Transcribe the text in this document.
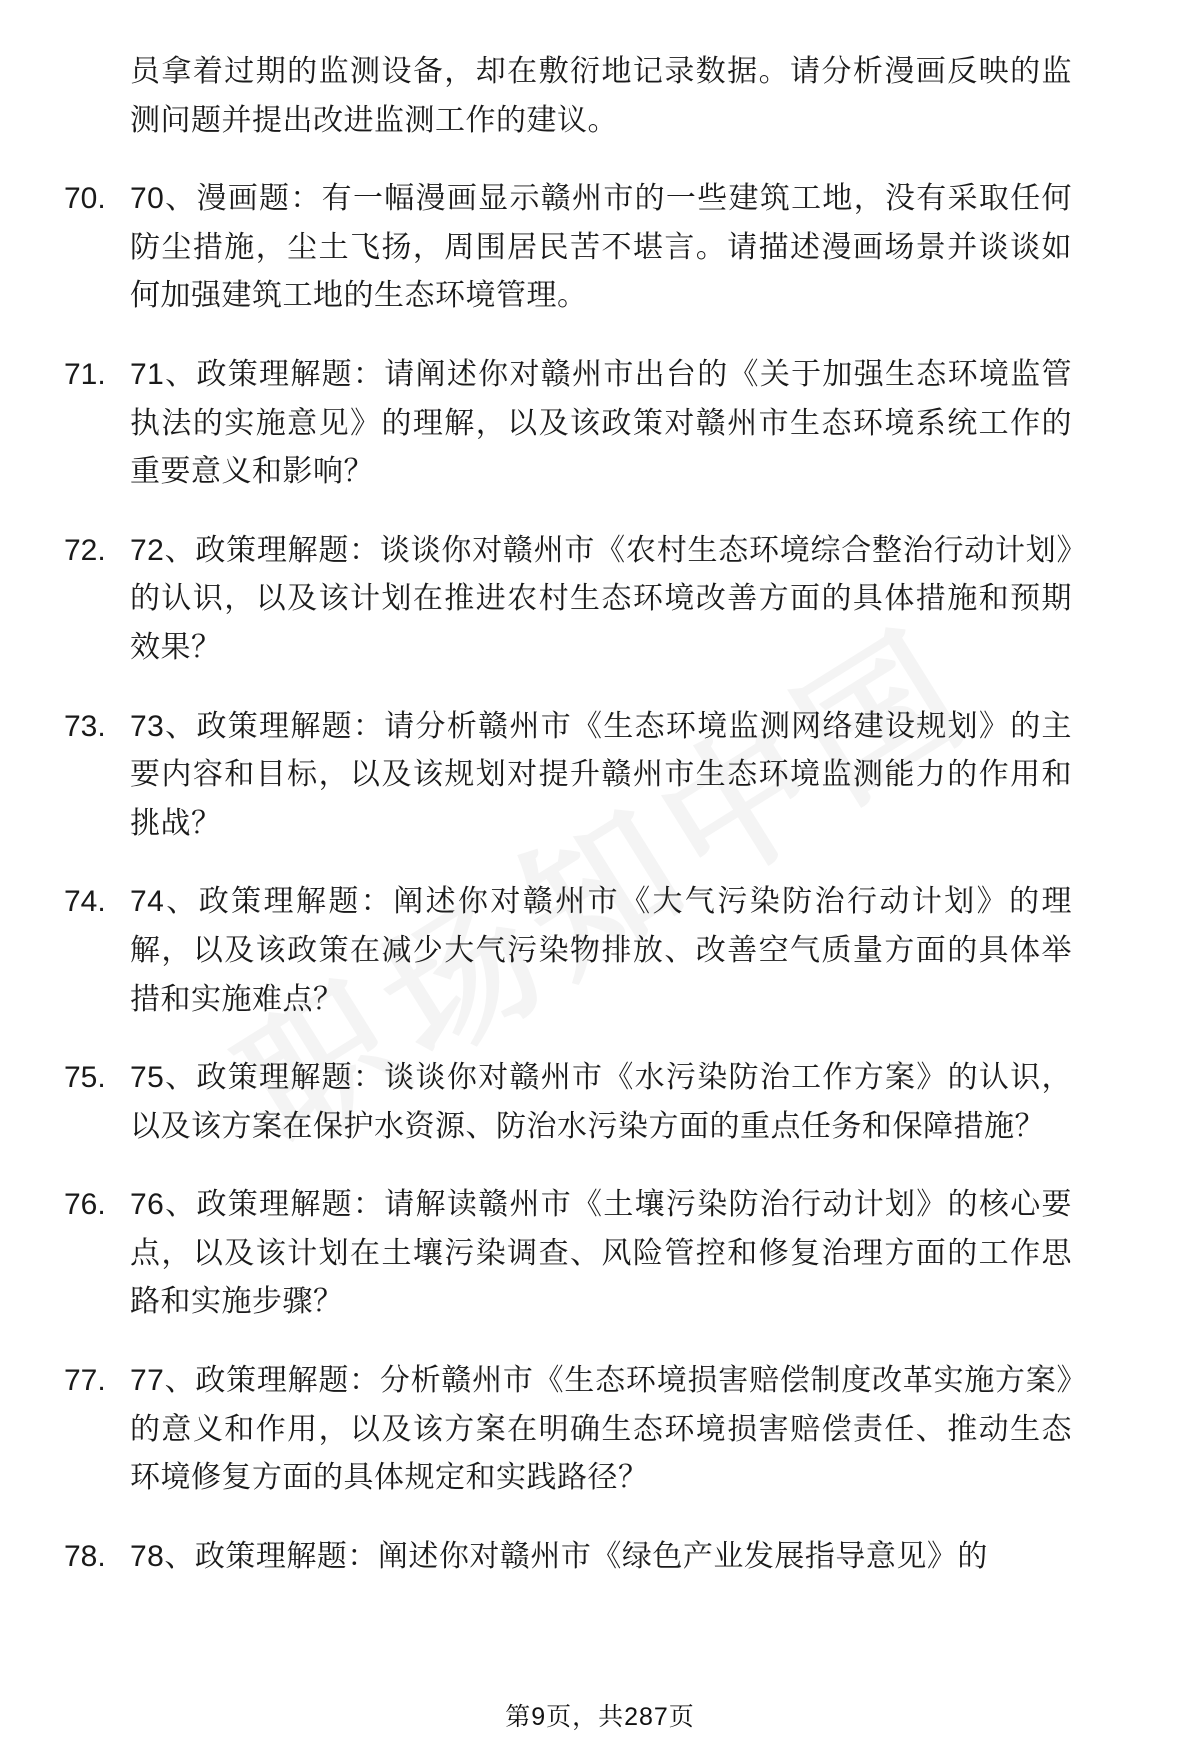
员拿着过期的监测设备，却在敷衍地记录数据。请分析漫画反映的监测问题并提出改进监测工作的建议。

70. 70、漫画题：有一幅漫画显示赣州市的一些建筑工地，没有采取任何防尘措施，尘土飞扬，周围居民苦不堪言。请描述漫画场景并谈谈如何加强建筑工地的生态环境管理。
71. 71、政策理解题：请阐述你对赣州市出台的《关于加强生态环境监管执法的实施意见》的理解，以及该政策对赣州市生态环境系统工作的重要意义和影响？
72. 72、政策理解题：谈谈你对赣州市《农村生态环境综合整治行动计划》的认识，以及该计划在推进农村生态环境改善方面的具体措施和预期效果？
73. 73、政策理解题：请分析赣州市《生态环境监测网络建设规划》的主要内容和目标，以及该规划对提升赣州市生态环境监测能力的作用和挑战？
74. 74、政策理解题：阐述你对赣州市《大气污染防治行动计划》的理解，以及该政策在减少大气污染物排放、改善空气质量方面的具体举措和实施难点？
75. 75、政策理解题：谈谈你对赣州市《水污染防治工作方案》的认识，以及该方案在保护水资源、防治水污染方面的重点任务和保障措施？
76. 76、政策理解题：请解读赣州市《土壤污染防治行动计划》的核心要点，以及该计划在土壤污染调查、风险管控和修复治理方面的工作思路和实施步骤？
77. 77、政策理解题：分析赣州市《生态环境损害赔偿制度改革实施方案》的意义和作用，以及该方案在明确生态环境损害赔偿责任、推动生态环境修复方面的具体规定和实践路径？
78. 78、政策理解题：阐述你对赣州市《绿色产业发展指导意见》的
第9页，共287页
